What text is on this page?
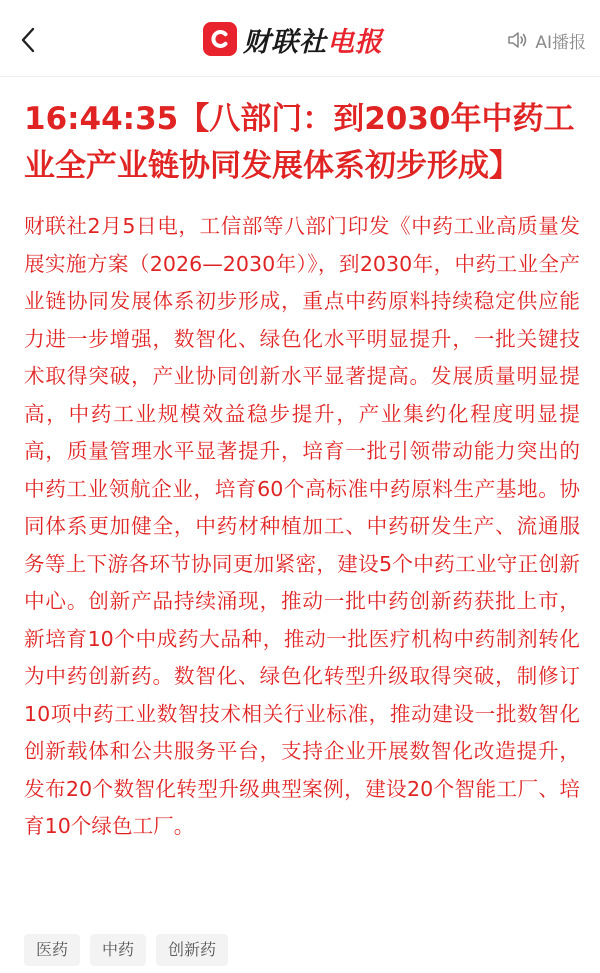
财联社电报	AI播报
16:44:35【八部门：到2030年中药工业全产业链协同发展体系初步形成】

财联社2月5日电，工信部等八部门印发《中药工业高质量发展实施方案（2026—2030年）》，到2030年，中药工业全产业链协同发展体系初步形成，重点中药原料持续稳定供应能力进一步增强，数智化、绿色化水平明显提升，一批关键技术取得突破，产业协同创新水平显著提高。发展质量明显提高，中药工业规模效益稳步提升，产业集约化程度明显提高，质量管理水平显著提升，培育一批引领带动能力突出的中药工业领航企业，培育60个高标准中药原料生产基地。协同体系更加健全，中药材种植加工、中药研发生产、流通服务等上下游各环节协同更加紧密，建设5个中药工业守正创新中心。创新产品持续涌现，推动一批中药创新药获批上市，新培育10个中成药大品种，推动一批医疗机构中药制剂转化为中药创新药。数智化、绿色化转型升级取得突破，制修订10项中药工业数智技术相关行业标准，推动建设一批数智化创新载体和公共服务平台，支持企业开展数智化改造提升，发布20个数智化转型升级典型案例，建设20个智能工厂、培育10个绿色工厂。

医药	中药	创新药
